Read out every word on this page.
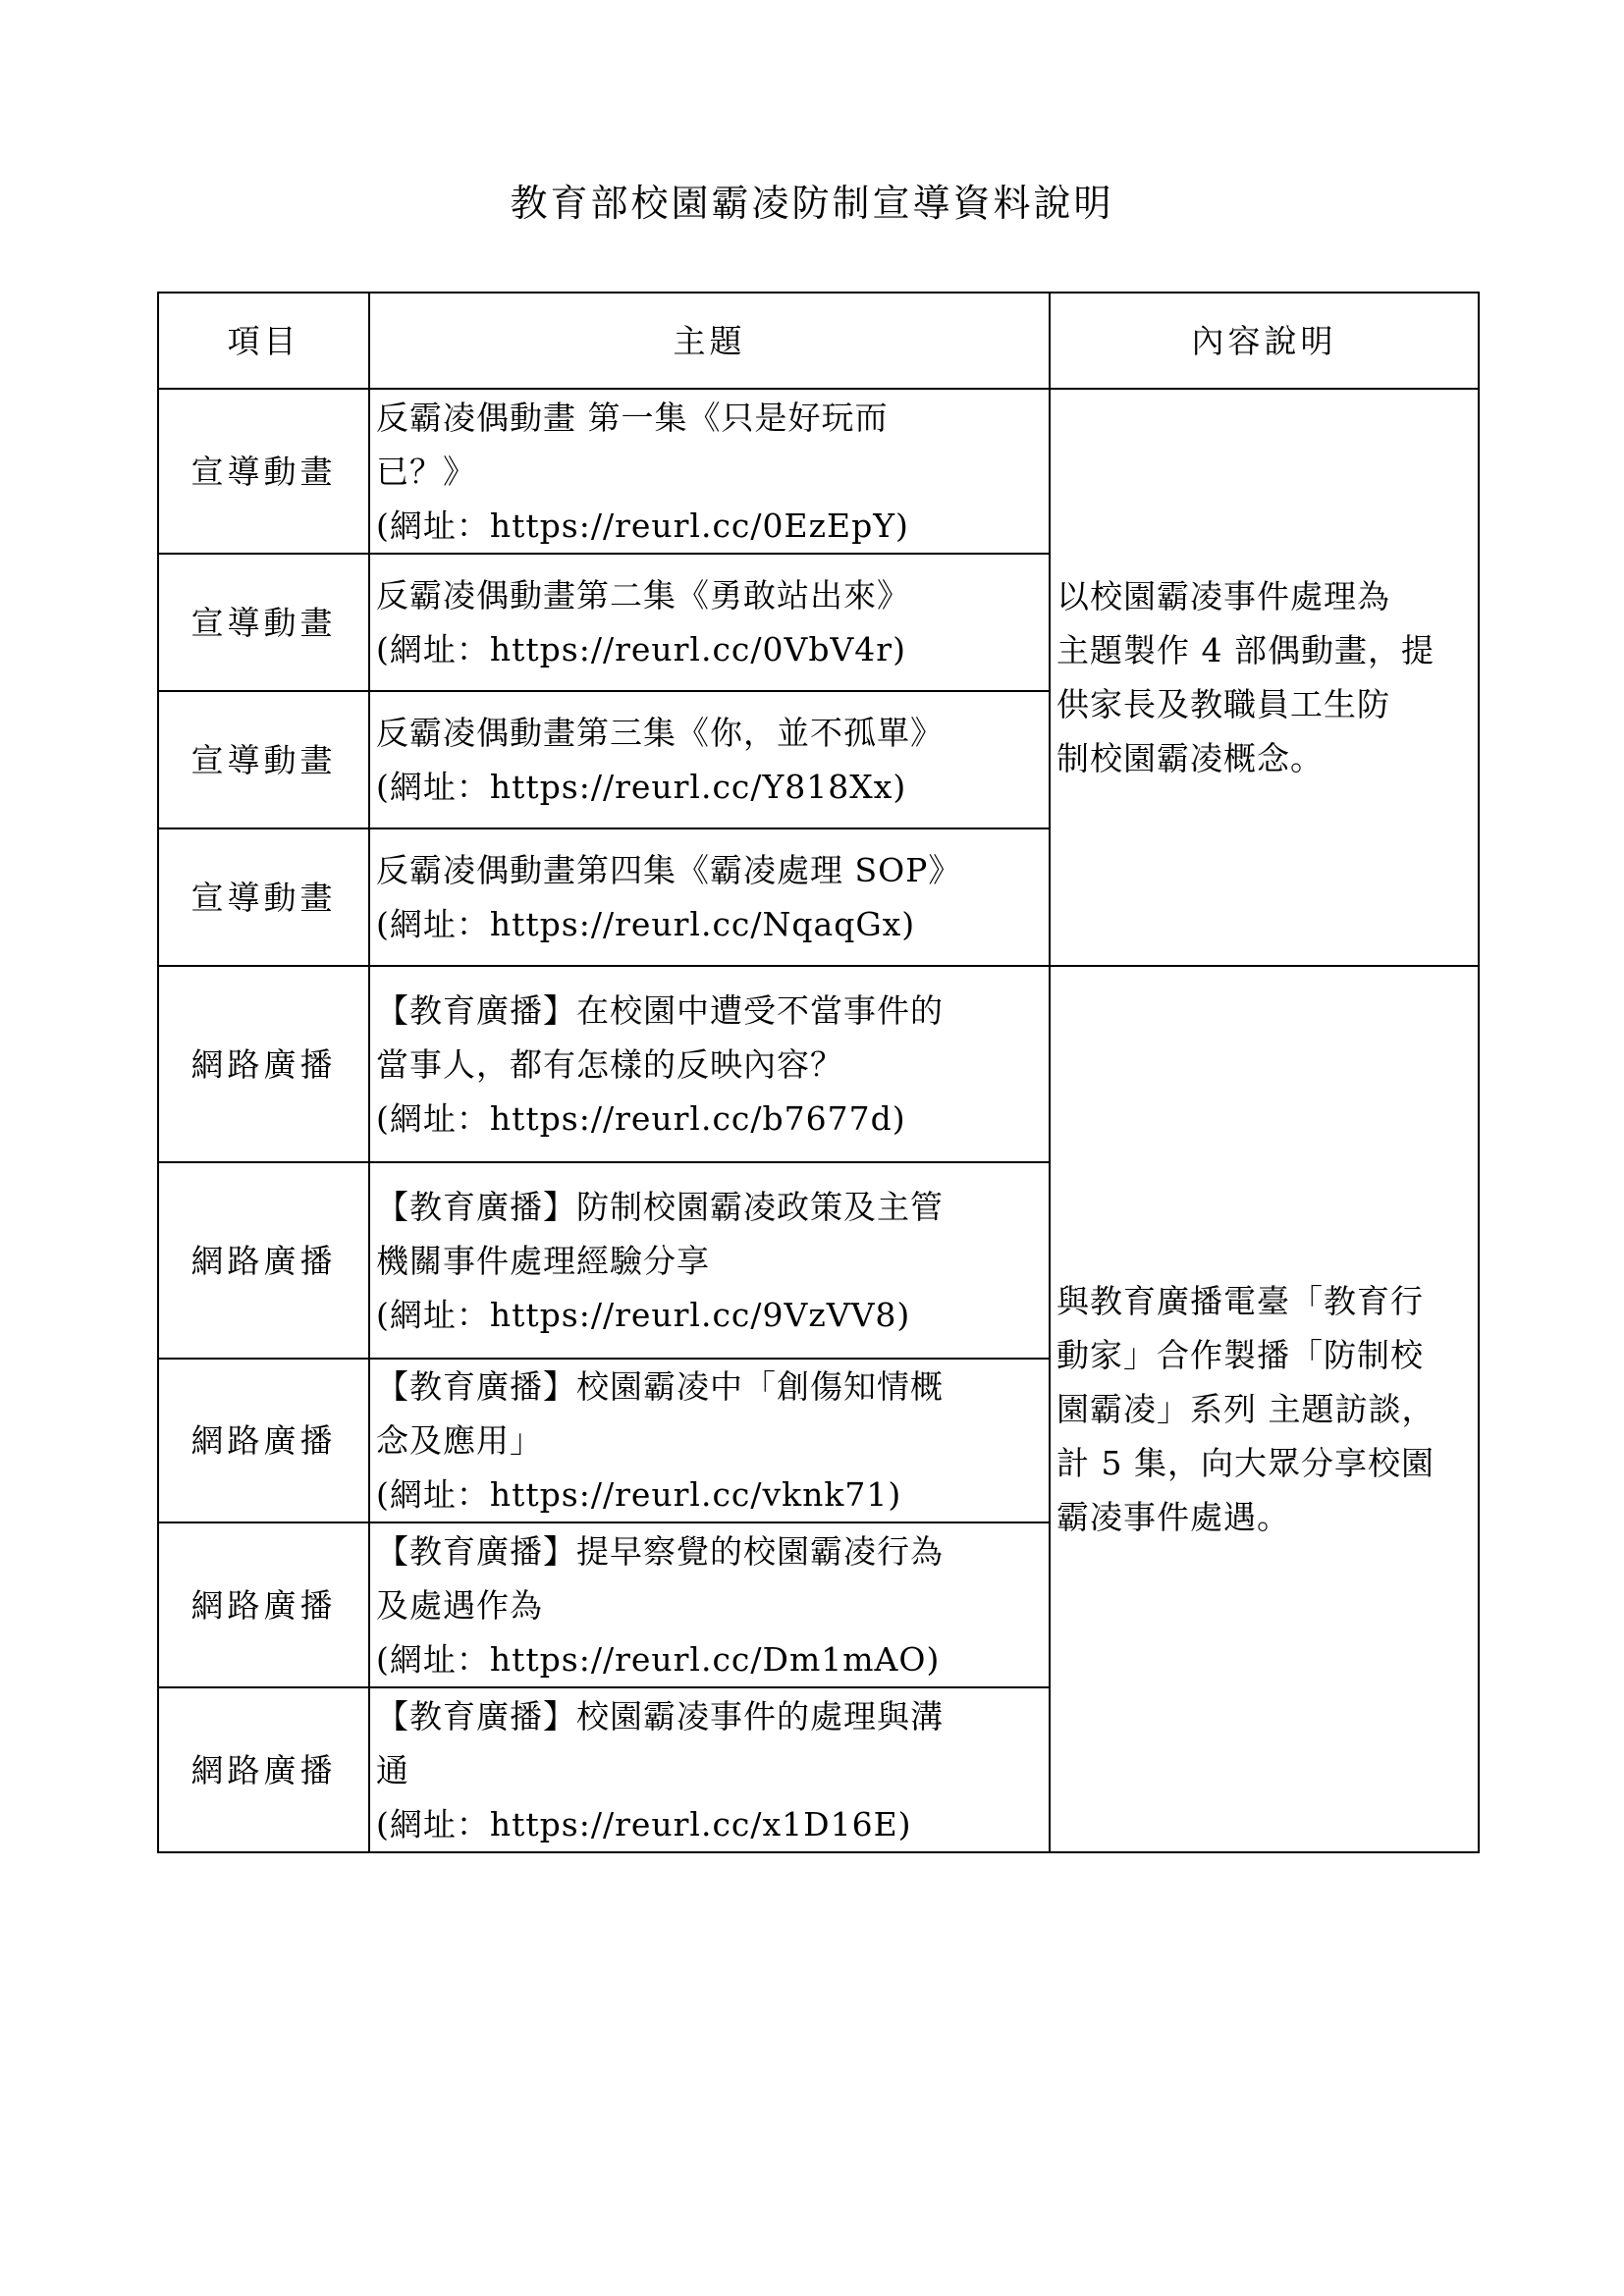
教育部校園霸凌防制宣導資料說明
項目	主題	內容說明
宣導動畫	反霸凌偶動畫 第一集《只是好玩而
已？》
(網址：https://reurl.cc/0EzEpY)	以校園霸凌事件處理為
主題製作 4 部偶動畫，提
供家長及教職員工生防
制校園霸凌概念。

宣導動畫	反霸凌偶動畫第二集《勇敢站出來》
(網址：https://reurl.cc/0VbV4r)	

宣導動畫	反霸凌偶動畫第三集《你，並不孤單》
(網址：https://reurl.cc/Y818Xx)	

宣導動畫	反霸凌偶動畫第四集《霸凌處理 SOP》
(網址：https://reurl.cc/NqaqGx)	

網路廣播	【教育廣播】在校園中遭受不當事件的
當事人，都有怎樣的反映內容？
(網址：https://reurl.cc/b7677d)	與教育廣播電臺「教育行
動家」合作製播「防制校
園霸凌」系列 主題訪談，
計 5 集，向大眾分享校園
霸凌事件處遇。

網路廣播	【教育廣播】防制校園霸凌政策及主管
機關事件處理經驗分享
(網址：https://reurl.cc/9VzVV8)	

網路廣播	【教育廣播】校園霸凌中「創傷知情概
念及應用」
(網址：https://reurl.cc/vknk71)	

網路廣播	【教育廣播】提早察覺的校園霸凌行為
及處遇作為
(網址：https://reurl.cc/Dm1mAO)	

網路廣播	【教育廣播】校園霸凌事件的處理與溝
通
(網址：https://reurl.cc/x1D16E)	
